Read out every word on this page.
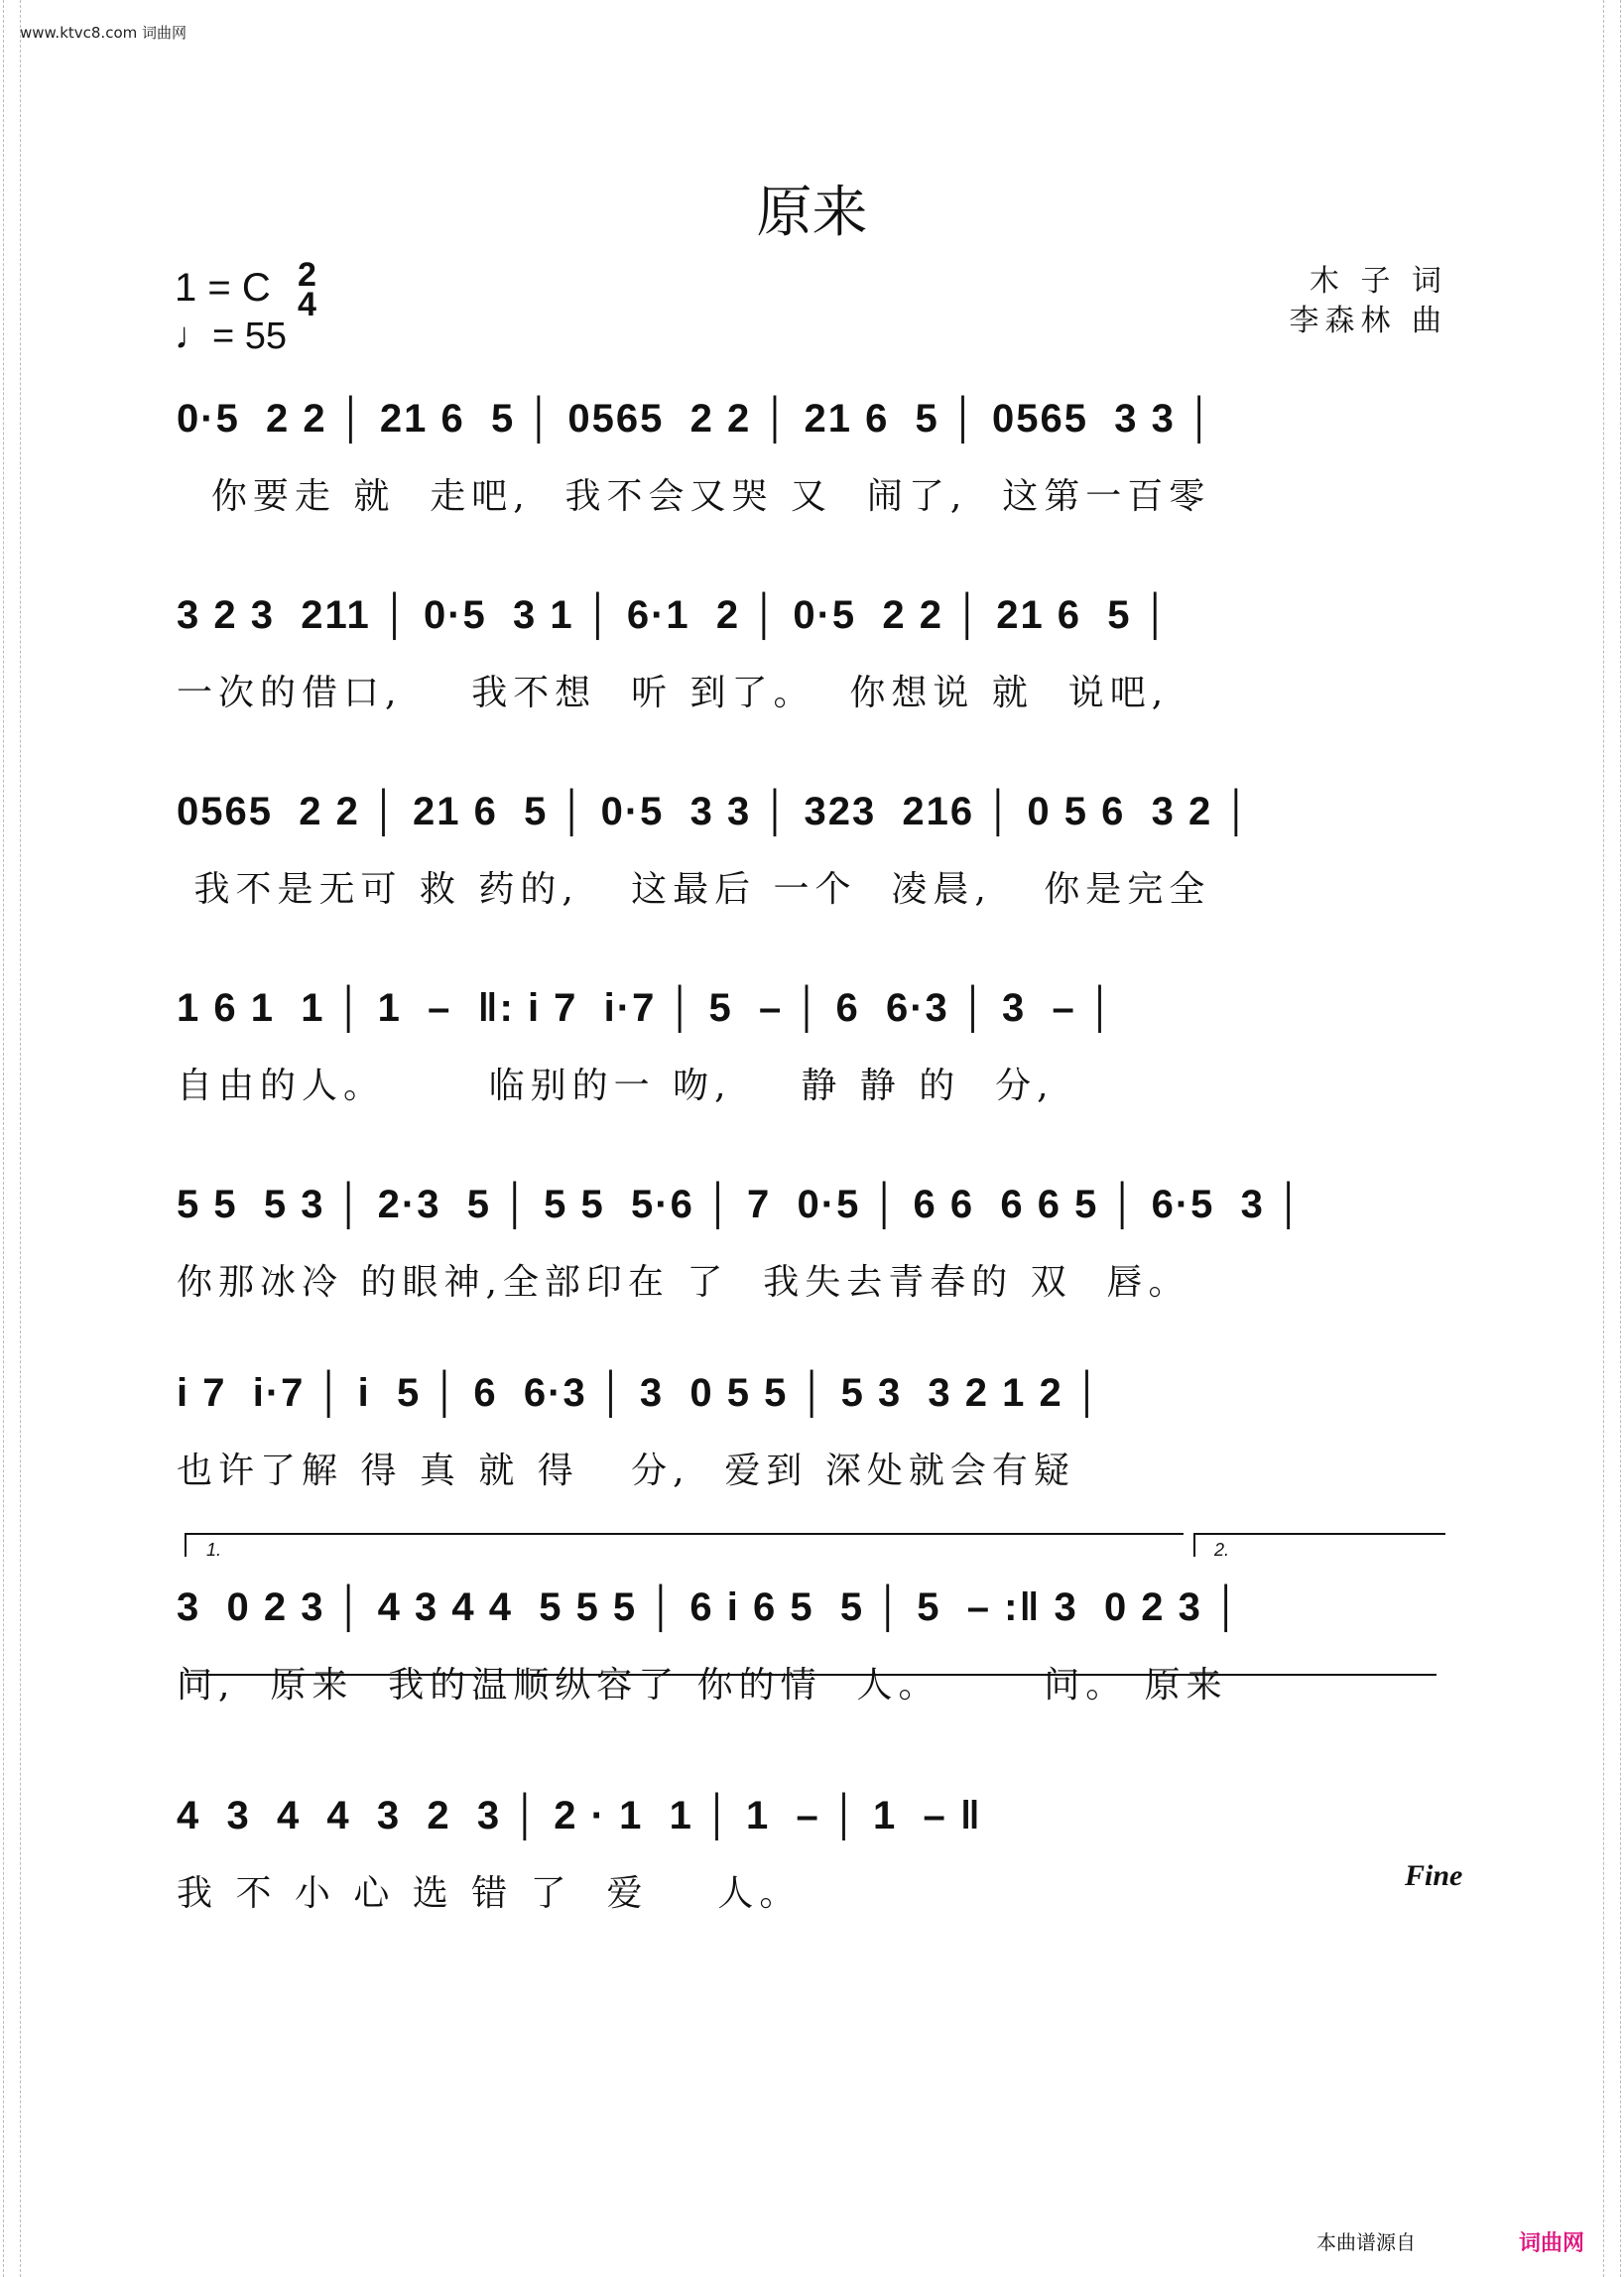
www.ktvc8.com 词曲网
原来
1 = C 2
4
♩= 55
木 子 词
李森林 曲
1.	2.
0·5  2 2 │ 21 6  5 │ 0565  2 2 │ 21 6  5 │ 0565  3 3 │
你要走 就  走吧,  我不会又哭 又  闹了,  这第一百零
3 2 3  211 │ 0·5  3 1 │ 6·1  2 │ 0·5  2 2 │ 21 6  5 │
一次的借口,    我不想  听 到了。  你想说 就  说吧,
0565  2 2 │ 21 6  5 │ 0·5  3 3 │ 323  216 │ 0 5 6  3 2 │
我不是无可 救 药的,   这最后 一个  凌晨,   你是完全
1 6 1  1 │ 1  –  ‖: i 7  i·7 │ 5  – │ 6  6·3 │ 3  – │
自由的人。      临别的一 吻,    静 静 的  分,
5 5  5 3 │ 2·3  5 │ 5 5  5·6 │ 7  0·5 │ 6 6  6 6 5 │ 6·5  3 │
你那冰冷 的眼神,全部印在 了  我失去青春的 双  唇。
i 7  i·7 │ i  5 │ 6  6·3 │ 3  0 5 5 │ 5 3  3 2 1 2 │
也许了解 得 真 就 得   分,  爱到 深处就会有疑
3  0 2 3 │ 4 3 4 4  5 5 5 │ 6 i 6 5  5 │ 5  – :‖ 3  0 2 3 │
问,  原来  我的温顺纵容了 你的情  人。      问。 原来
4  3  4  4  3  2  3 │ 2 · 1  1 │ 1  – │ 1  – ‖
我 不 小 心 选 错 了  爱    人。	Fine
本曲谱源自	词曲网
